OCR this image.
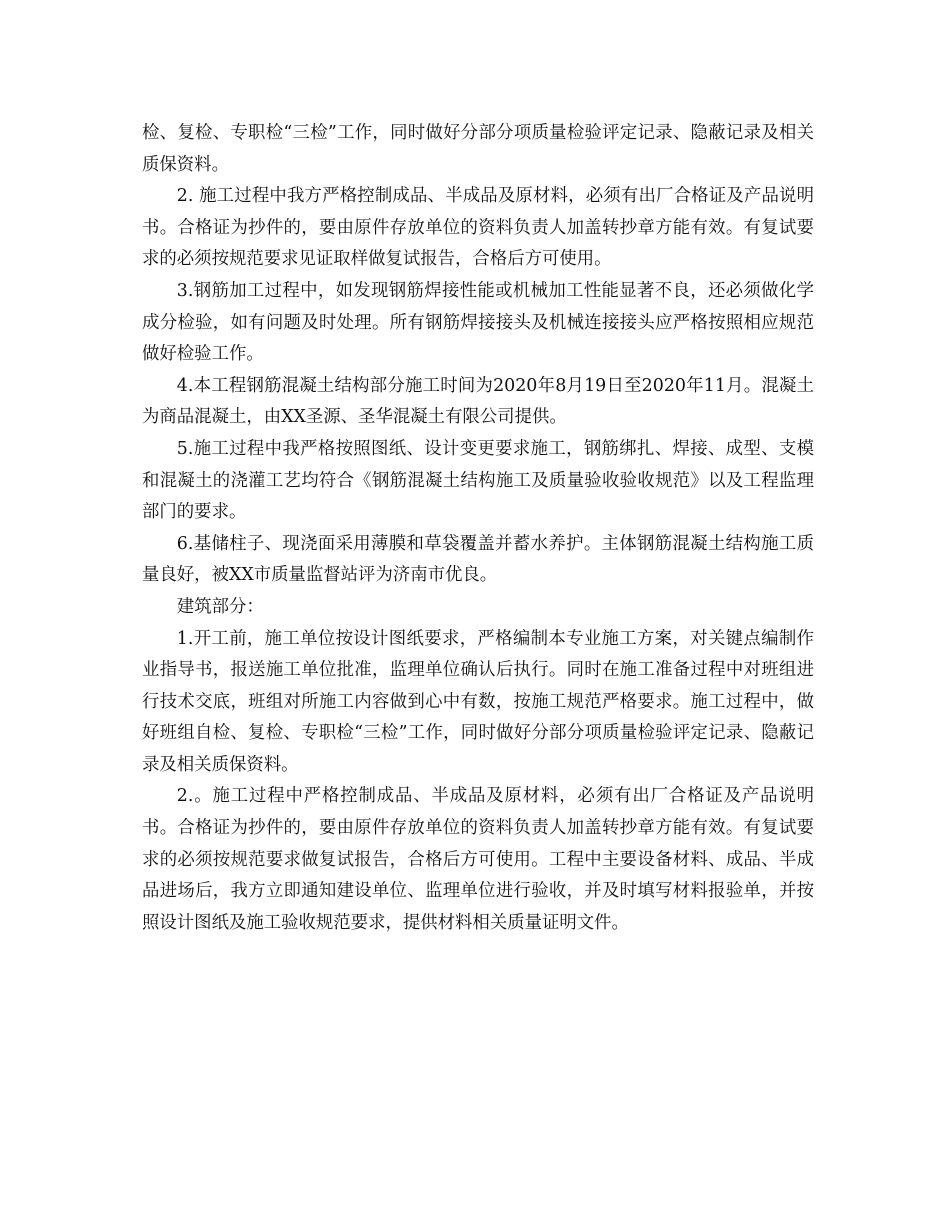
检、复检、专职检“三检”工作，同时做好分部分项质量检验评定记录、隐蔽记录及相关质保资料。

2. 施工过程中我方严格控制成品、半成品及原材料，必须有出厂合格证及产品说明书。合格证为抄件的，要由原件存放单位的资料负责人加盖转抄章方能有效。有复试要求的必须按规范要求见证取样做复试报告，合格后方可使用。

3.钢筋加工过程中，如发现钢筋焊接性能或机械加工性能显著不良，还必须做化学成分检验，如有问题及时处理。所有钢筋焊接接头及机械连接接头应严格按照相应规范做好检验工作。

4.本工程钢筋混凝土结构部分施工时间为2020年8月19日至2020年11月。混凝土为商品混凝土，由XX圣源、圣华混凝土有限公司提供。

5.施工过程中我严格按照图纸、设计变更要求施工，钢筋绑扎、焊接、成型、支模和混凝土的浇灌工艺均符合《钢筋混凝土结构施工及质量验收验收规范》以及工程监理部门的要求。

6.基储柱子、现浇面采用薄膜和草袋覆盖并蓄水养护。主体钢筋混凝土结构施工质量良好，被XX市质量监督站评为济南市优良。

建筑部分：

1.开工前，施工单位按设计图纸要求，严格编制本专业施工方案，对关键点编制作业指导书，报送施工单位批准，监理单位确认后执行。同时在施工准备过程中对班组进行技术交底，班组对所施工内容做到心中有数，按施工规范严格要求。施工过程中，做好班组自检、复检、专职检“三检”工作，同时做好分部分项质量检验评定记录、隐蔽记录及相关质保资料。

2.。施工过程中严格控制成品、半成品及原材料，必须有出厂合格证及产品说明书。合格证为抄件的，要由原件存放单位的资料负责人加盖转抄章方能有效。有复试要求的必须按规范要求做复试报告，合格后方可使用。工程中主要设备材料、成品、半成品进场后，我方立即通知建设单位、监理单位进行验收，并及时填写材料报验单，并按照设计图纸及施工验收规范要求，提供材料相关质量证明文件。
